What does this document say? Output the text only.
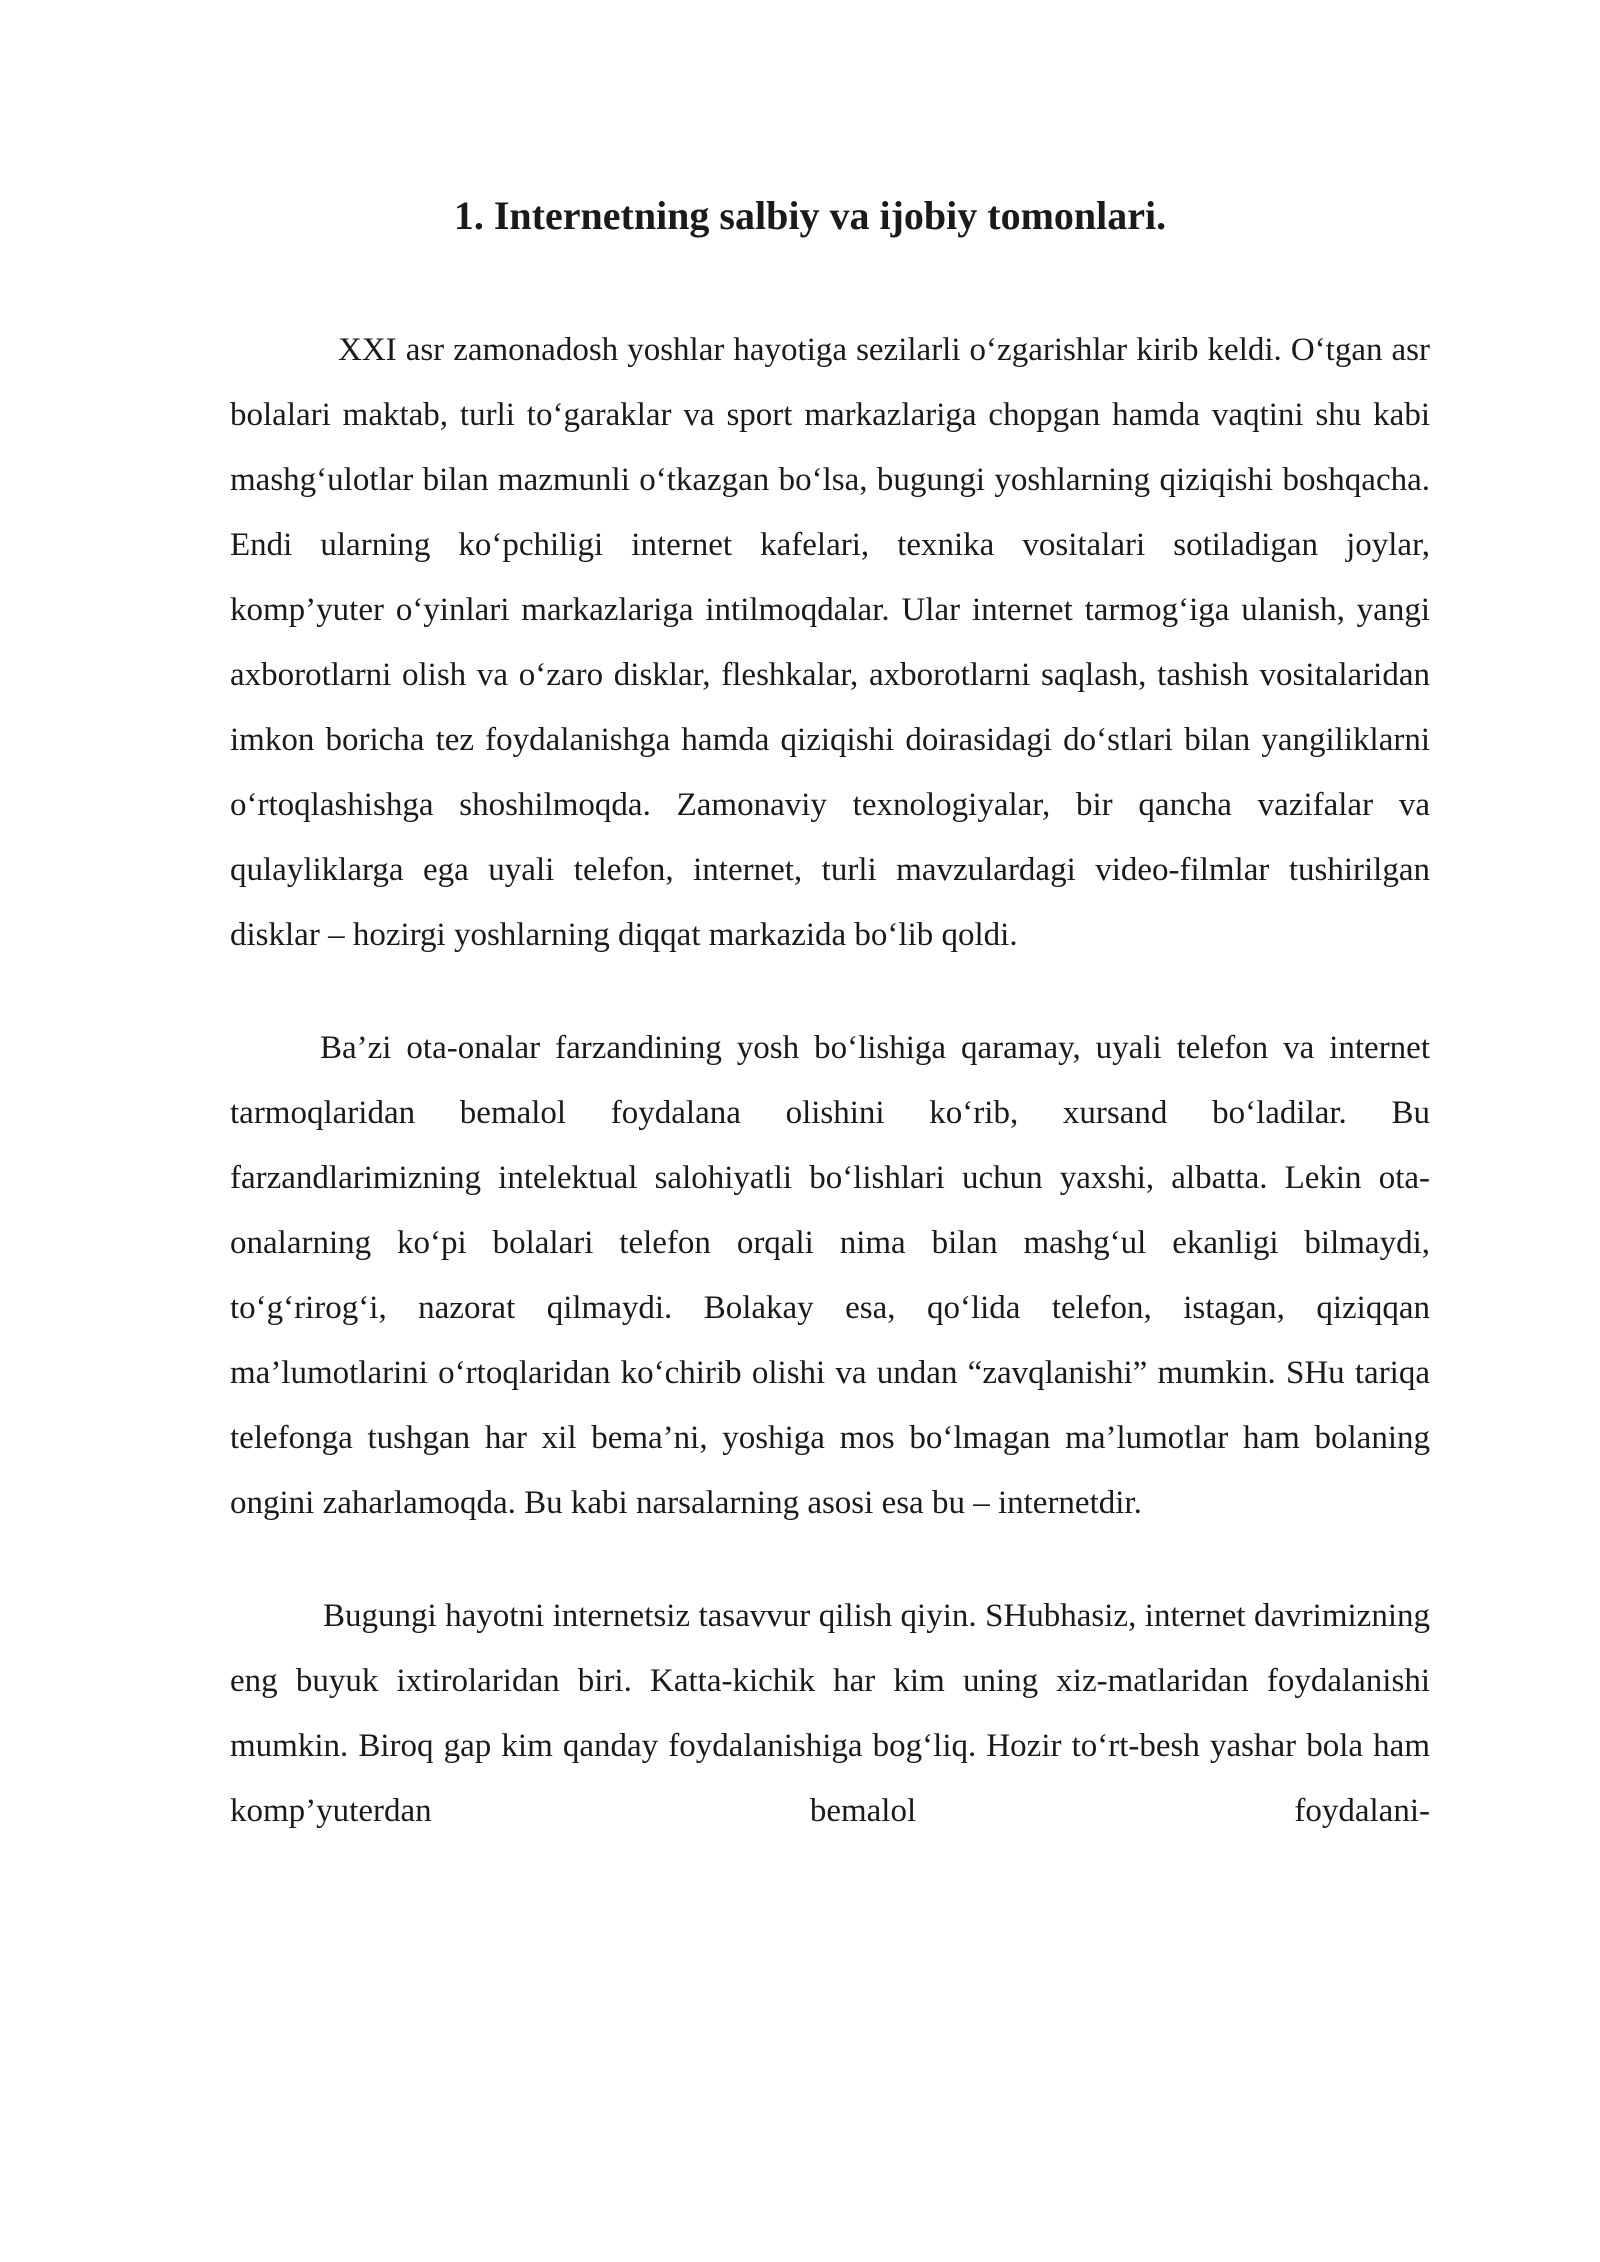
1. Internetning salbiy va ijobiy tomonlari.

XXI asr zamonadosh yoshlar hayotiga sezilarli o‘zgarishlar kirib keldi. O‘tgan asr bolalari maktab, turli to‘garaklar va sport markazlariga chopgan hamda vaqtini shu kabi mashg‘ulotlar bilan mazmunli o‘tkazgan bo‘lsa, bugungi yoshlarning qiziqishi boshqacha. Endi ularning ko‘pchiligi internet kafelari, texnika vositalari sotiladigan joylar, komp’yuter o‘yinlari markazlariga intilmoqdalar. Ular internet tarmog‘iga ulanish, yangi axborotlarni olish va o‘zaro disklar, fleshkalar, axborotlarni saqlash, tashish vositalaridan imkon boricha tez foydalanishga hamda qiziqishi doirasidagi do‘stlari bilan yangiliklarni o‘rtoqlashishga shoshilmoqda. Zamonaviy texnologiyalar, bir qancha vazifalar va qulayliklarga ega uyali telefon, internet, turli mavzulardagi video-filmlar tushirilgan disklar – hozirgi yoshlarning diqqat markazida bo‘lib qoldi.

Ba’zi ota-onalar farzandining yosh bo‘lishiga qaramay, uyali telefon va internet tarmoqlaridan bemalol foydalana olishini ko‘rib, xursand bo‘ladilar. Bu farzandlarimizning intelektual salohiyatli bo‘lishlari uchun yaxshi, albatta. Lekin ota-onalarning ko‘pi bolalari telefon orqali nima bilan mashg‘ul ekanligi bilmaydi, to‘g‘rirog‘i, nazorat qilmaydi. Bolakay esa, qo‘lida telefon, istagan, qiziqqan ma’lumotlarini o‘rtoqlaridan ko‘chirib olishi va undan “zavqlanishi” mumkin. SHu tariqa telefonga tushgan har xil bema’ni, yoshiga mos bo‘lmagan ma’lumotlar ham bolaning ongini zaharlamoqda. Bu kabi narsalarning asosi esa bu – internetdir.

Bugungi hayotni internetsiz tasavvur qilish qiyin. SHubhasiz, internet davrimizning eng buyuk ixtirolaridan biri. Katta-kichik har kim uning xiz-matlaridan foydalanishi mumkin. Biroq gap kim qanday foydalanishiga bog‘liq. Hozir to‘rt-besh yashar bola ham komp’yuterdan bemalol foydalani-
